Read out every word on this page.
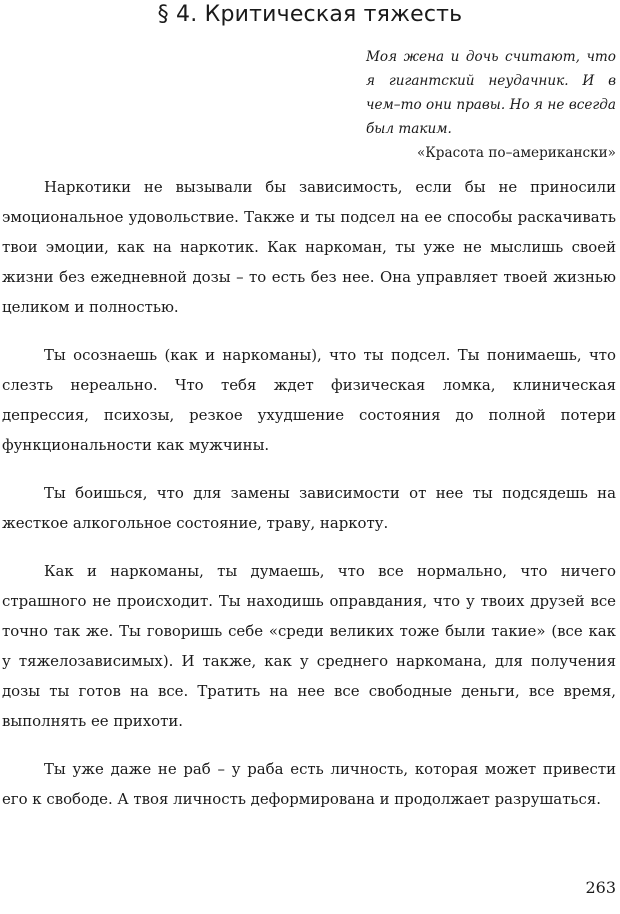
§ 4. Критическая тяжесть
Моя жена и дочь считают, что я гигантский неудачник. И в чем–то они правы. Но я не всегда был таким.
«Красота по–американски»

Наркотики не вызывали бы зависимость, если бы не приносили эмоциональное удовольствие. Также и ты подсел на ее способы раскачивать твои эмоции, как на наркотик. Как наркоман, ты уже не мыслишь своей жизни без ежедневной дозы – то есть без нее. Она управляет твоей жизнью целиком и полностью.

Ты осознаешь (как и наркоманы), что ты подсел. Ты понимаешь, что слезть нереально. Что тебя ждет физическая ломка, клиническая депрессия, психозы, резкое ухудшение состояния до полной потери функциональности как мужчины.

Ты боишься, что для замены зависимости от нее ты подсядешь на жесткое алкогольное состояние, траву, наркоту.

Как и наркоманы, ты думаешь, что все нормально, что ничего страшного не происходит. Ты находишь оправдания, что у твоих друзей все точно так же. Ты говоришь себе «среди великих тоже были такие» (все как у тяжелозависимых). И также, как у среднего наркомана, для получения дозы ты готов на все. Тратить на нее все свободные деньги, все время, выполнять ее прихоти.

Ты уже даже не раб – у раба есть личность, которая может привести его к свободе. А твоя личность деформирована и продолжает разрушаться.

263
